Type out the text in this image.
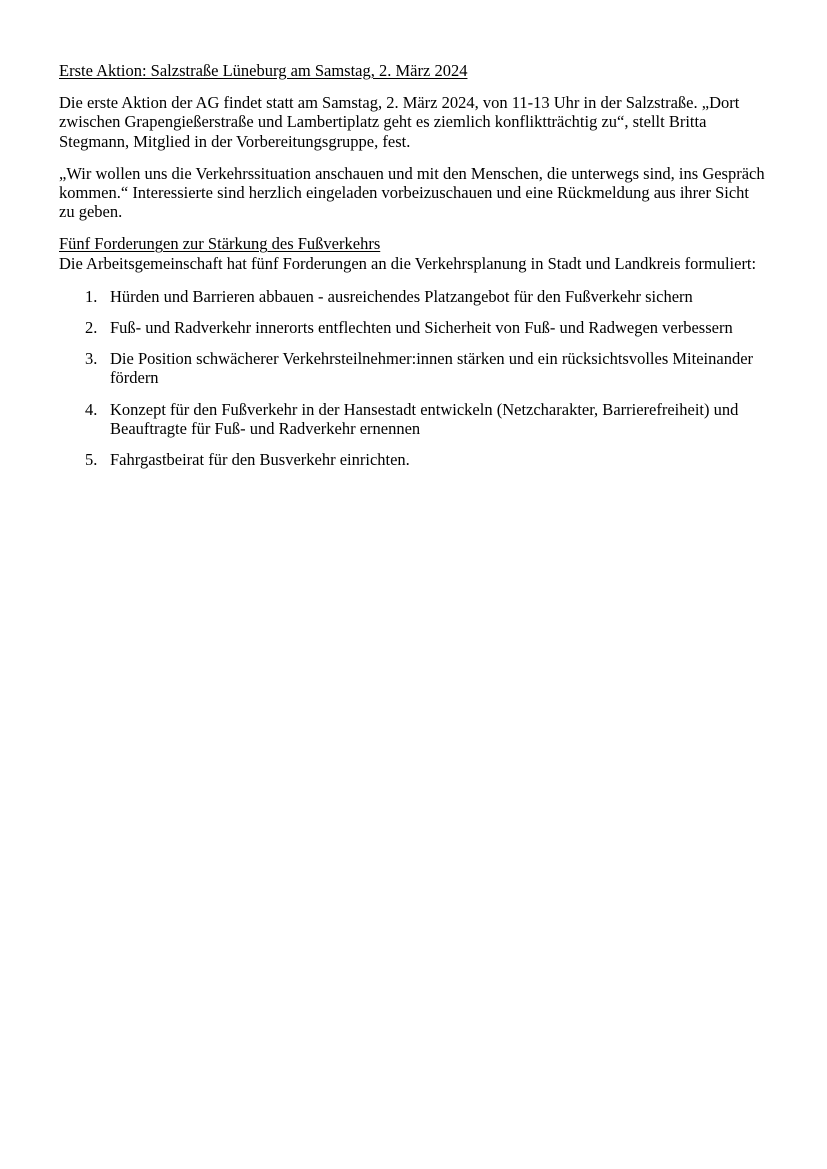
Erste Aktion: Salzstraße Lüneburg am Samstag, 2. März 2024
Die erste Aktion der AG findet statt am Samstag, 2. März 2024, von 11-13 Uhr in der Salzstraße. „Dort zwischen Grapengießerstraße und Lambertiplatz geht es ziemlich konfliktträchtig zu“, stellt Britta Stegmann, Mitglied in der Vorbereitungsgruppe, fest.
„Wir wollen uns die Verkehrssituation anschauen und mit den Menschen, die unterwegs sind, ins Gespräch kommen.“ Interessierte sind herzlich eingeladen vorbeizuschauen und eine Rückmeldung aus ihrer Sicht zu geben.
Fünf Forderungen zur Stärkung des Fußverkehrs
Die Arbeitsgemeinschaft hat fünf Forderungen an die Verkehrsplanung in Stadt und Landkreis formuliert:
1. Hürden und Barrieren abbauen - ausreichendes Platzangebot für den Fußverkehr sichern
2. Fuß- und Radverkehr innerorts entflechten und Sicherheit von Fuß- und Radwegen verbessern
3. Die Position schwächerer Verkehrsteilnehmer:innen stärken und ein rücksichtsvolles Miteinander fördern
4. Konzept für den Fußverkehr in der Hansestadt entwickeln (Netzcharakter, Barrierefreiheit) und Beauftragte für Fuß- und Radverkehr ernennen
5. Fahrgastbeirat für den Busverkehr einrichten.
